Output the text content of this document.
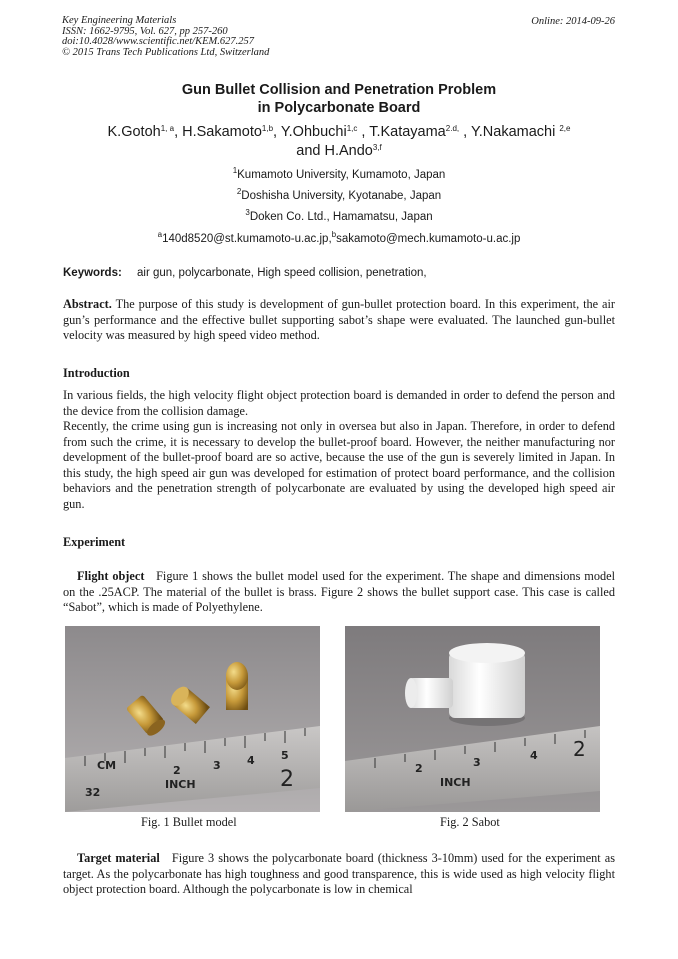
Key Engineering Materials
ISSN: 1662-9795, Vol. 627, pp 257-260
doi:10.4028/www.scientific.net/KEM.627.257
© 2015 Trans Tech Publications Ltd, Switzerland
Online: 2014-09-26
Gun Bullet Collision and Penetration Problem
in Polycarbonate Board
K.Gotoh$^{1, a}$, H.Sakamoto$^{1,b}$, Y.Ohbuchi$^{1,c}$ , T.Katayama$^{2.d,}$ , Y.Nakamachi $^{2,e}$
and H.Ando$^{3,f}$
$^1$Kumamoto University, Kumamoto, Japan
$^2$Doshisha University, Kyotanabe, Japan
$^3$Doken Co. Ltd., Hamamatsu, Japan
$^a$140d8520@st.kumamoto-u.ac.jp,$^b$sakamoto@mech.kumamoto-u.ac.jp
Keywords: air gun, polycarbonate, High speed collision, penetration,
Abstract. The purpose of this study is development of gun-bullet protection board. In this experiment, the air gun’s performance and the effective bullet supporting sabot’s shape were evaluated. The launched gun-bullet velocity was measured by high speed video method.
Introduction
In various fields, the high velocity flight object protection board is demanded in order to defend the person and the device from the collision damage.
Recently, the crime using gun is increasing not only in oversea but also in Japan. Therefore, in order to defend from such the crime, it is necessary to develop the bullet-proof board. However, the neither manufacturing nor development of the bullet-proof board are so active, because the use of the gun is severely limited in Japan. In this study, the high speed air gun was developed for estimation of protect board performance, and the collision behaviors and the penetration strength of polycarbonate are evaluated by using the developed high speed air gun.
Experiment
Flight object Figure 1 shows the bullet model used for the experiment. The shape and dimensions model on the .25ACP. The material of the bullet is brass. Figure 2 shows the bullet support case. This case is called “Sabot”, which is made of Polyethylene.
CM	2	3 4 5
INCH
32
2
Fig. 1 Bullet model
2	3
4
INCH
2
Fig. 2 Sabot
Target material Figure 3 shows the polycarbonate board (thickness 3-10mm) used for the experiment as target. As the polycarbonate has high toughness and good transparence, this is wide used as high velocity flight object protection board. Although the polycarbonate is low in chemical
